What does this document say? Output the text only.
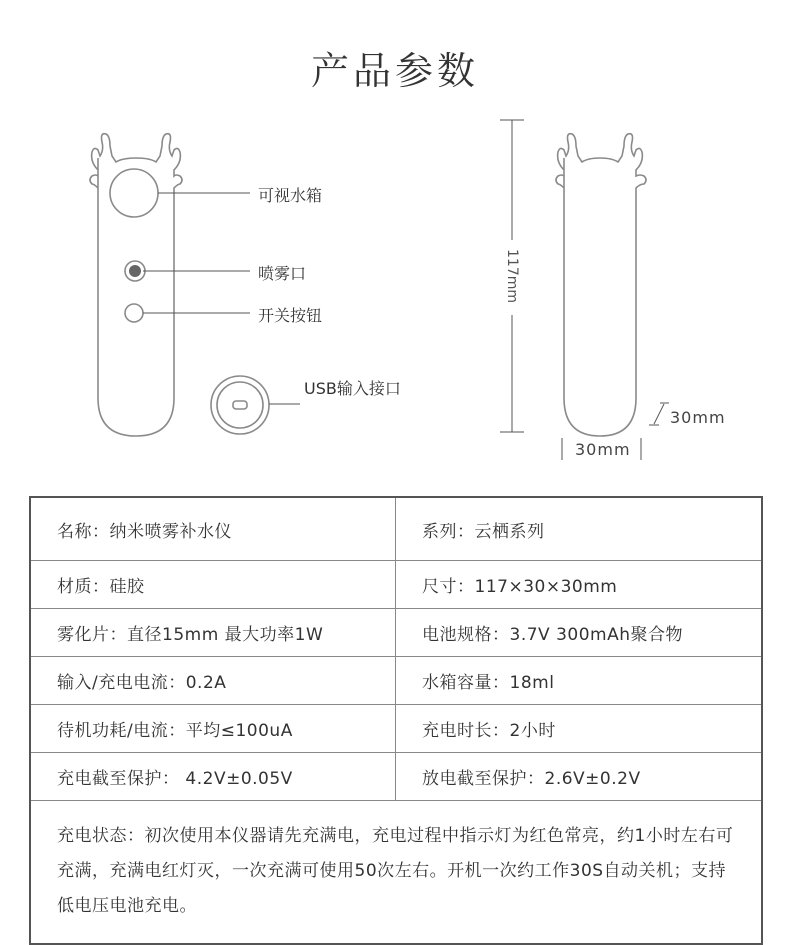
产品参数
可视水箱
喷雾口
开关按钮
USB输入接口
117mm
30mm
30mm
名称：纳米喷雾补水仪	系列：云栖系列
材质：硅胶	尺寸：117×30×30mm
雾化片：直径15mm 最大功率1W	电池规格：3.7V 300mAh聚合物
输入/充电电流：0.2A	水箱容量：18ml
待机功耗/电流：平均≤100uA	充电时长：2小时
充电截至保护： 4.2V±0.05V	放电截至保护：2.6V±0.2V
充电状态：初次使用本仪器请先充满电，充电过程中指示灯为红色常亮，约1小时左右可充满，充满电红灯灭，一次充满可使用50次左右。开机一次约工作30S自动关机；支持低电压电池充电。	
